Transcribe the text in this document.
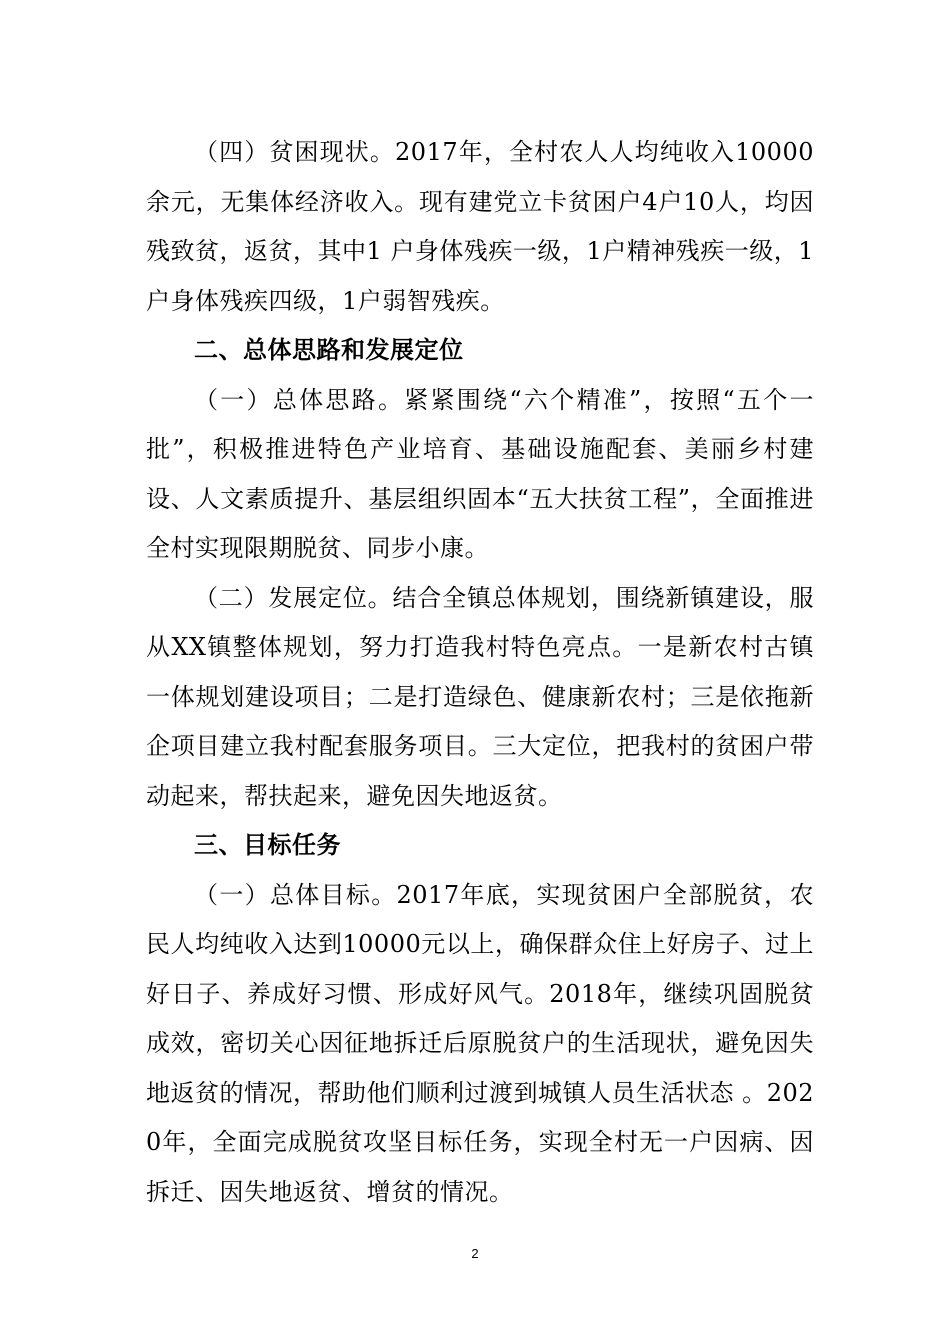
（四）贫困现状。2017年，全村农人人均纯收入10000余元，无集体经济收入。现有建党立卡贫困户4户10人，均因残致贫，返贫，其中1 户身体残疾一级，1户精神残疾一级，1户身体残疾四级，1户弱智残疾。

二、总体思路和发展定位

（一）总体思路。紧紧围绕“六个精准”，按照“五个一批”，积极推进特色产业培育、基础设施配套、美丽乡村建设、人文素质提升、基层组织固本“五大扶贫工程”，全面推进全村实现限期脱贫、同步小康。

（二）发展定位。结合全镇总体规划，围绕新镇建设，服从XX镇整体规划，努力打造我村特色亮点。一是新农村古镇一体规划建设项目；二是打造绿色、健康新农村；三是依拖新企项目建立我村配套服务项目。三大定位，把我村的贫困户带动起来，帮扶起来，避免因失地返贫。

三、目标任务

（一）总体目标。2017年底，实现贫困户全部脱贫，农民人均纯收入达到10000元以上，确保群众住上好房子、过上好日子、养成好习惯、形成好风气。2018年，继续巩固脱贫成效，密切关心因征地拆迁后原脱贫户的生活现状，避免因失地返贫的情况，帮助他们顺利过渡到城镇人员生活状态 。2020年，全面完成脱贫攻坚目标任务，实现全村无一户因病、因拆迁、因失地返贫、增贫的情况。

2
